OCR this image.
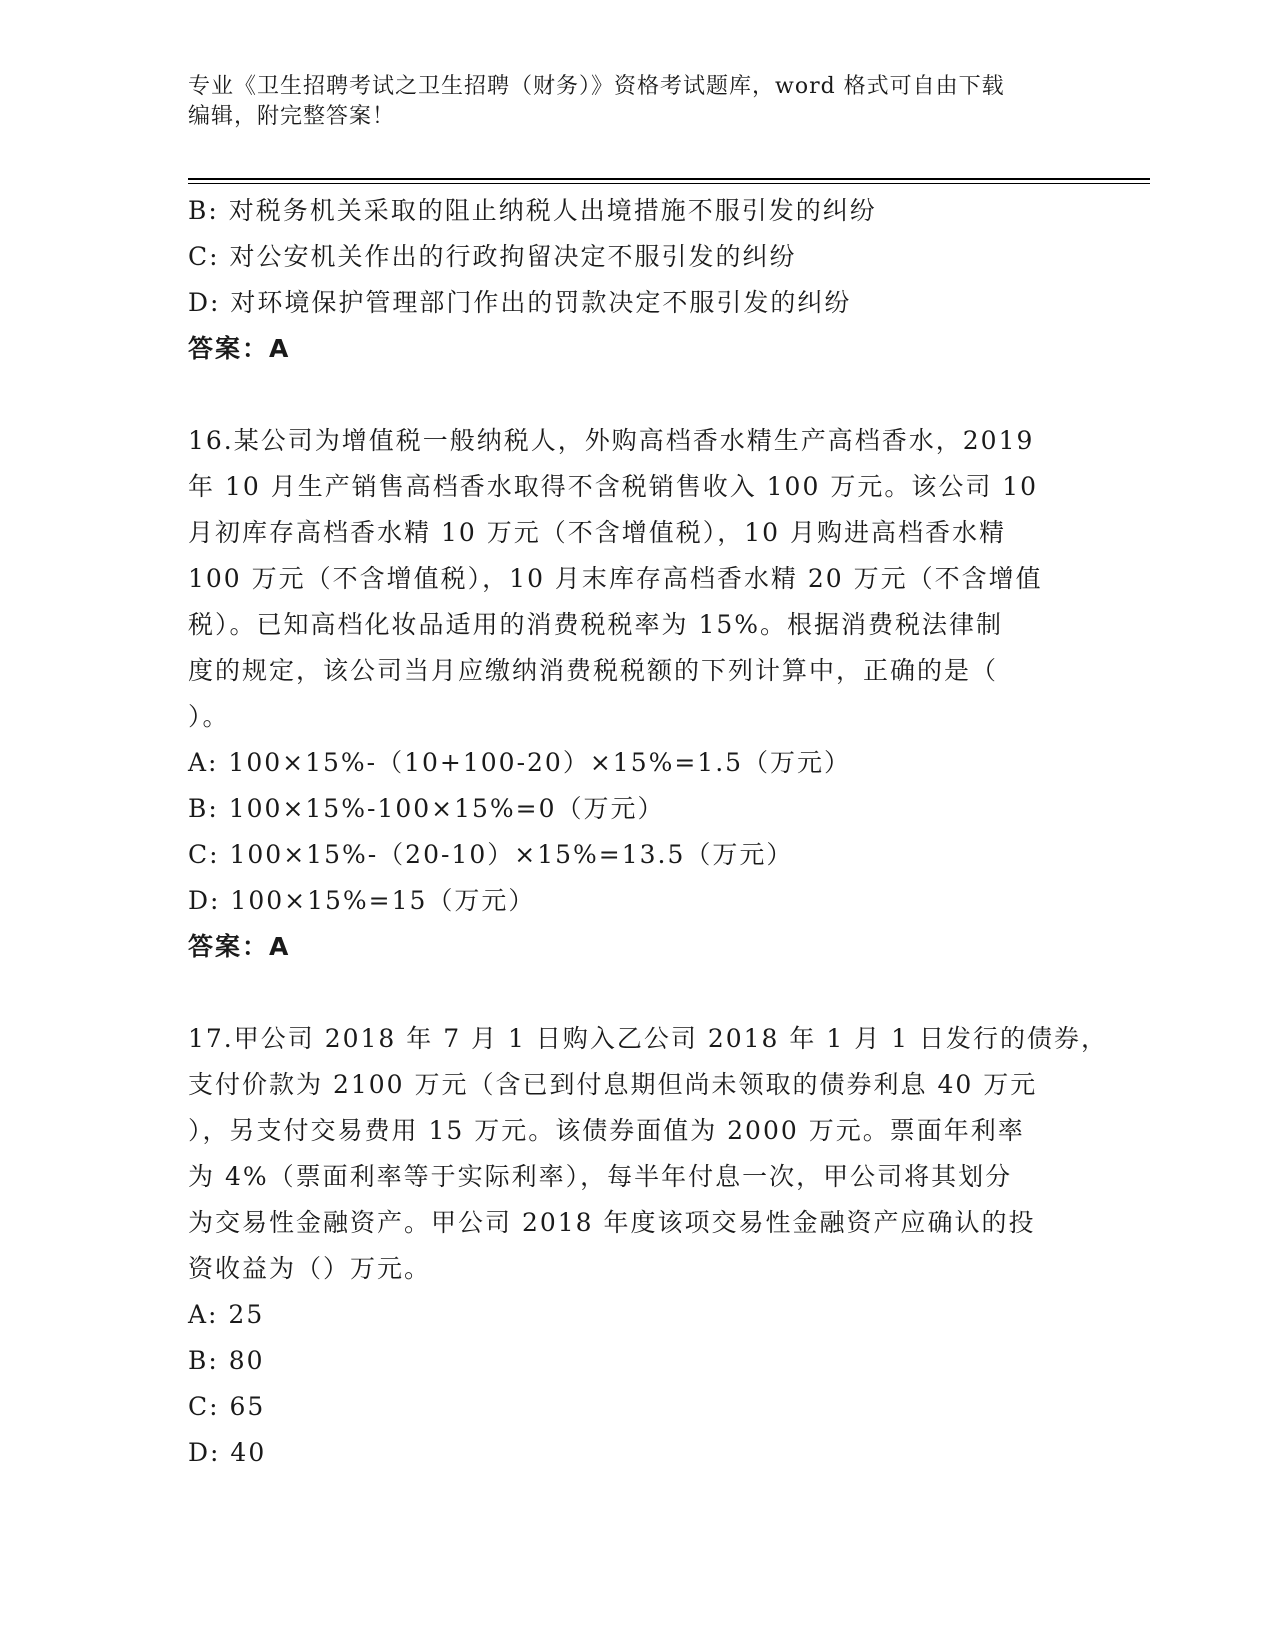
专业《卫生招聘考试之卫生招聘（财务）》资格考试题库，word 格式可自由下载
编辑，附完整答案！
B: 对税务机关采取的阻止纳税人出境措施不服引发的纠纷
C: 对公安机关作出的行政拘留决定不服引发的纠纷
D: 对环境保护管理部门作出的罚款决定不服引发的纠纷
答案：A
16.某公司为增值税一般纳税人，外购高档香水精生产高档香水，2019
年 10 月生产销售高档香水取得不含税销售收入 100 万元。该公司 10
月初库存高档香水精 10 万元（不含增值税），10 月购进高档香水精
100 万元（不含增值税），10 月末库存高档香水精 20 万元（不含增值
税）。已知高档化妆品适用的消费税税率为 15%。根据消费税法律制
度的规定，该公司当月应缴纳消费税税额的下列计算中，正确的是（
）。
A: 100×15%-（10+100-20）×15%=1.5（万元）
B: 100×15%-100×15%=0（万元）
C: 100×15%-（20-10）×15%=13.5（万元）
D: 100×15%=15（万元）
答案：A
17.甲公司 2018 年 7 月 1 日购入乙公司 2018 年 1 月 1 日发行的债券，
支付价款为 2100 万元（含已到付息期但尚未领取的债券利息 40 万元
），另支付交易费用 15 万元。该债券面值为 2000 万元。票面年利率
为 4%（票面利率等于实际利率），每半年付息一次，甲公司将其划分
为交易性金融资产。甲公司 2018 年度该项交易性金融资产应确认的投
资收益为（）万元。
A: 25
B: 80
C: 65
D: 40
